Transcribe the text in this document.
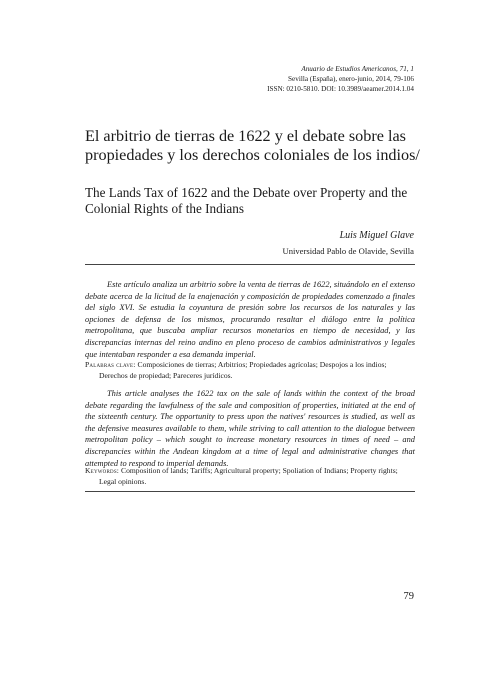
Anuario de Estudios Americanos, 71, 1
Sevilla (España), enero-junio, 2014, 79-106
ISSN: 0210-5810. DOI: 10.3989/aeamer.2014.1.04
El arbitrio de tierras de 1622 y el debate sobre las propiedades y los derechos coloniales de los indios/
The Lands Tax of 1622 and the Debate over Property and the Colonial Rights of the Indians
Luis Miguel Glave
Universidad Pablo de Olavide, Sevilla

Este artículo analiza un arbitrio sobre la venta de tierras de 1622, situándolo en el extenso debate acerca de la licitud de la enajenación y composición de propiedades comenzado a finales del siglo XVI. Se estudia la coyuntura de presión sobre los recursos de los naturales y las opciones de defensa de los mismos, procurando resaltar el diálogo entre la política metropolitana, que buscaba ampliar recursos monetarios en tiempo de necesidad, y las discrepancias internas del reino andino en pleno proceso de cambios administrativos y legales que intentaban responder a esa demanda imperial.

Palabras clave: Composiciones de tierras; Arbitrios; Propiedades agrícolas; Despojos a los indios; Derechos de propiedad; Pareceres jurídicos.

This article analyses the 1622 tax on the sale of lands within the context of the broad debate regarding the lawfulness of the sale and composition of properties, initiated at the end of the sixteenth century. The opportunity to press upon the natives' resources is studied, as well as the defensive measures available to them, while striving to call attention to the dialogue between metropolitan policy – which sought to increase monetary resources in times of need – and discrepancies within the Andean kingdom at a time of legal and administrative changes that attempted to respond to imperial demands.

Keywords: Composition of lands; Tariffs; Agricultural property; Spoliation of Indians; Property rights; Legal opinions.

79
